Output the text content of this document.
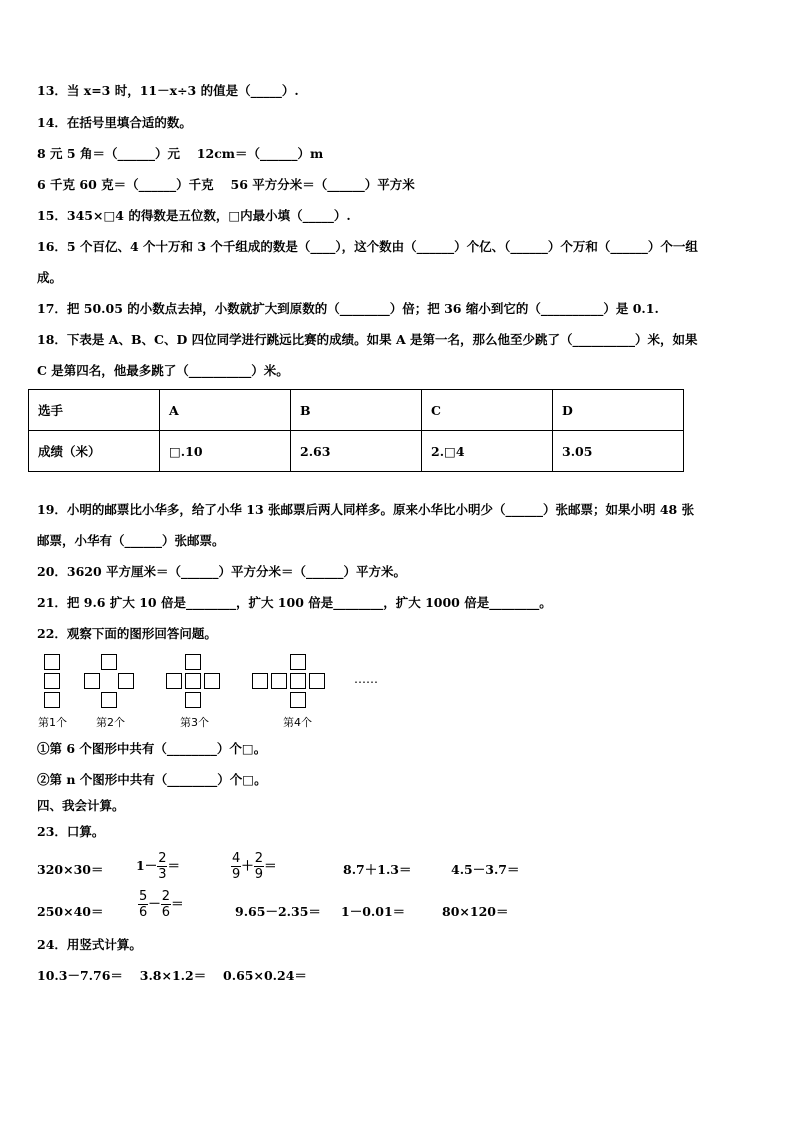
13．当 x=3 时，11－x÷3 的值是（_____）.
14．在括号里填合适的数。
8 元 5 角＝（______）元　 12cm＝（______）m
6 千克 60 克＝（______）千克　 56 平方分米＝（______）平方米
15．345×□4 的得数是五位数，□内最小填（_____）.
16．5 个百亿、4 个十万和 3 个千组成的数是（____），这个数由（______）个亿、（______）个万和（______）个一组
成。
17．把 50.05 的小数点去掉，小数就扩大到原数的（________）倍；把 36 缩小到它的（__________）是 0.1.
18．下表是 A、B、C、D 四位同学进行跳远比赛的成绩。如果 A 是第一名，那么他至少跳了（__________）米，如果
C 是第四名，他最多跳了（__________）米。
选手	A	B	C	D
成绩（米）	□.10	2.63	2.□4	3.05
19．小明的邮票比小华多，给了小华 13 张邮票后两人同样多。原来小华比小明少（______）张邮票；如果小明 48 张
邮票，小华有（______）张邮票。
20．3620 平方厘米＝（______）平方分米＝（______）平方米。
21．把 9.6 扩大 10 倍是________，扩大 100 倍是________，扩大 1000 倍是________。
22．观察下面的图形回答问题。
……
第1个	第2个	第3个	第4个
①第 6 个图形中共有（________）个□。
②第 n 个图形中共有（________）个□。
四、我会计算。
23．口算。
320×30＝	$1- \frac{2}{3}$ ＝	$\frac{4}{9} + \frac{2}{9}$ ＝	8.7＋1.3＝	4.5－3.7＝
250×40＝	$\frac{5}{6} - \frac{2}{6}$ ＝
9.65－2.35＝ 1－0.01＝	80×120＝
24．用竖式计算。
10.3－7.76＝　 3.8×1.2＝　 0.65×0.24＝
